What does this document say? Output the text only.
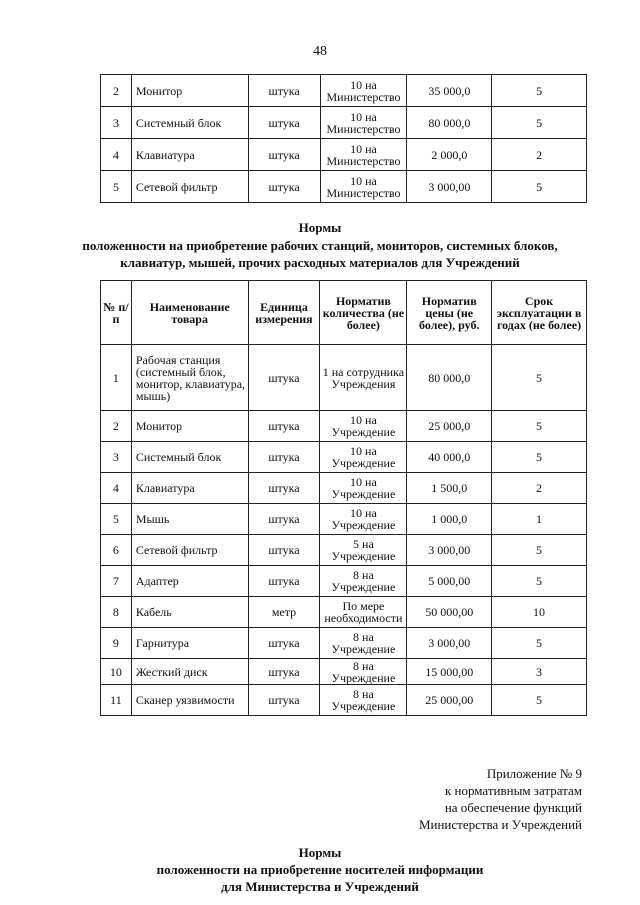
48
2	Монитор	штука	10 на Министерство	35 000,0	5
3	Системный блок	штука	10 на Министерство	80 000,0	5
4	Клавиатура	штука	10 на Министерство	2 000,0	2
5	Сетевой фильтр	штука	10 на Министерство	3 000,00	5
Нормы
положенности на приобретение рабочих станций, мониторов, системных блоков,
клавиатур, мышей, прочих расходных материалов для Учреждений
№ п/п	Наименование товара	Единица измерения	Норматив количества (не более)	Норматив цены (не более), руб.	Срок эксплуатации в годах (не более)
1	Рабочая станция (системный блок, монитор, клавиатура, мышь)	штука	1 на сотрудника Учреждения	80 000,0	5
2	Монитор	штука	10 на Учреждение	25 000,0	5
3	Системный блок	штука	10 на Учреждение	40 000,0	5
4	Клавиатура	штука	10 на Учреждение	1 500,0	2
5	Мышь	штука	10 на Учреждение	1 000,0	1
6	Сетевой фильтр	штука	5 на Учреждение	3 000,00	5
7	Адаптер	штука	8 на Учреждение	5 000,00	5
8	Кабель	метр	По мере необходимости	50 000,00	10
9	Гарнитура	штука	8 на Учреждение	3 000,00	5
10	Жесткий диск	штука	8 на Учреждение	15 000,00	3
11	Сканер уязвимости	штука	8 на Учреждение	25 000,00	5
Приложение № 9
к нормативным затратам
на обеспечение функций
Министерства и Учреждений
Нормы
положенности на приобретение носителей информации
для Министерства и Учреждений
